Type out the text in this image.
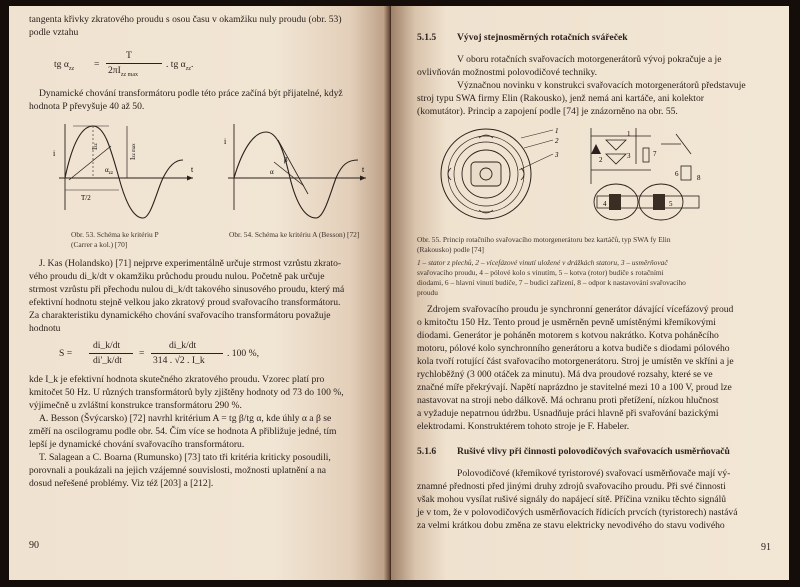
tangenta křivky zkratového proudu s osou času v okamžiku nuly proudu (obr. 53)
podle vztahu
tg $\alpha_{zz}$ =
T
$2\pi I_{zz max}$
. tg $\alpha_{zz}$.
Dynamické chování transformátoru podle této práce začíná být přijatelné, když
hodnota P převyšuje 40 až 50.
i
t
T/2
$\alpha_{zz}$
Izz
Izz max
Obr. 53. Schéma ke kritériu P
(Carrer a kol.) [70]
i
t
α
β
Obr. 54. Schéma ke kritériu A (Besson) [72]
J. Kas (Holandsko) [71] nejprve experimentálně určuje strmost vzrůstu zkrato-
vého proudu di_k/dt v okamžiku průchodu proudu nulou. Početně pak určuje
strmost vzrůstu při přechodu nulou di_k/dt takového sinusového proudu, který má
efektivní hodnotu stejně velkou jako zkratový proud svařovacího transformátoru.
Za charakteristiku dynamického chování svařovacího transformátoru považuje
hodnotu
S =
di_k/dt
di'_k/dt
=
di_k/dt
314 . √2 . I_k
. 100 %,
kde I_k je efektivní hodnota skutečného zkratového proudu. Vzorec platí pro
kmitočet 50 Hz. U různých transformátorů byly zjištěny hodnoty od 73 do 100 %,
výjimečně u zvláštní konstrukce transformátoru 290 %.
A. Besson (Švýcarsko) [72] navrhl kritérium A = tg β/tg α, kde úhly α a β se
změří na oscilogramu podle obr. 54. Čím více se hodnota A přibližuje jedné, tím
lepší je dynamické chování svařovacího transformátoru.
T. Salagean a C. Boarna (Rumunsko) [73] tato tři kritéria kriticky posoudili,
porovnali a poukázali na jejich vzájemné souvislosti, možnosti uplatnění a na
dosud neřešené problémy. Viz též [203] a [212].
90
5.1.5 Vývoj stejnosměrných rotačních svářeček
V oboru rotačních svařovacích motorgenerátorů vývoj pokračuje a je
ovlivňován možnostmi polovodičové techniky.
Význačnou novinku v konstrukci svařovacích motorgenerátorů představuje
stroj typu SWA firmy Elin (Rakousko), jenž nemá ani kartáče, ani kolektor
(komutátor). Princip a zapojení podle [74] je znázorněno na obr. 55.
1
2
3
1
2	3
4	5
6
7
8
Obr. 55. Princip rotačního svařovacího motorgenerátoru bez kartáčů, typ SWA fy Elin
(Rakousko) podle [74]
1 – stator z plechů, 2 – vícefázové vinutí uložené v drážkách statoru, 3 – usměrňovač
svařovacího proudu, 4 – pólové kolo s vinutím, 5 – kotva (rotor) budiče s rotačními
diodami, 6 – hlavní vinutí budiče, 7 – budicí zařízení, 8 – odpor k nastavování svařovacího
proudu
Zdrojem svařovacího proudu je synchronní generátor dávající vícefázový proud
o kmitočtu 150 Hz. Tento proud je usměrněn pevně umístěnými křemíkovými
diodami. Generátor je poháněn motorem s kotvou nakrátko. Kotva poháněcího
motoru, pólové kolo synchronního generátoru a kotva budiče s diodami pólového
kola tvoří rotující část svařovacího motorgenerátoru. Stroj je umístěn ve skříni a je
rychloběžný (3 000 otáček za minutu). Má dva proudové rozsahy, které se ve
značné míře překrývají. Napětí naprázdno je stavitelné mezi 10 a 100 V, proud lze
nastavovat na stroji nebo dálkově. Má ochranu proti přetížení, nízkou hlučnost
a vyžaduje nepatrnou údržbu. Usnadňuje práci hlavně při svařování bazickými
elektrodami. Konstruktérem tohoto stroje je F. Habeler.
5.1.6 Rušivé vlivy při činnosti polovodičových svařovacích usměrňovačů
Polovodičové (křemíkové tyristorové) svařovací usměrňovače mají vý-
znamné přednosti před jinými druhy zdrojů svařovacího proudu. Při své činnosti
však mohou vysílat rušivé signály do napájecí sítě. Příčina vzniku těchto signálů
je v tom, že v polovodičových usměrňovacích řídicích prvcích (tyristorech) nastává
za velmi krátkou dobu změna ze stavu elektricky nevodivého do stavu vodivého
91
